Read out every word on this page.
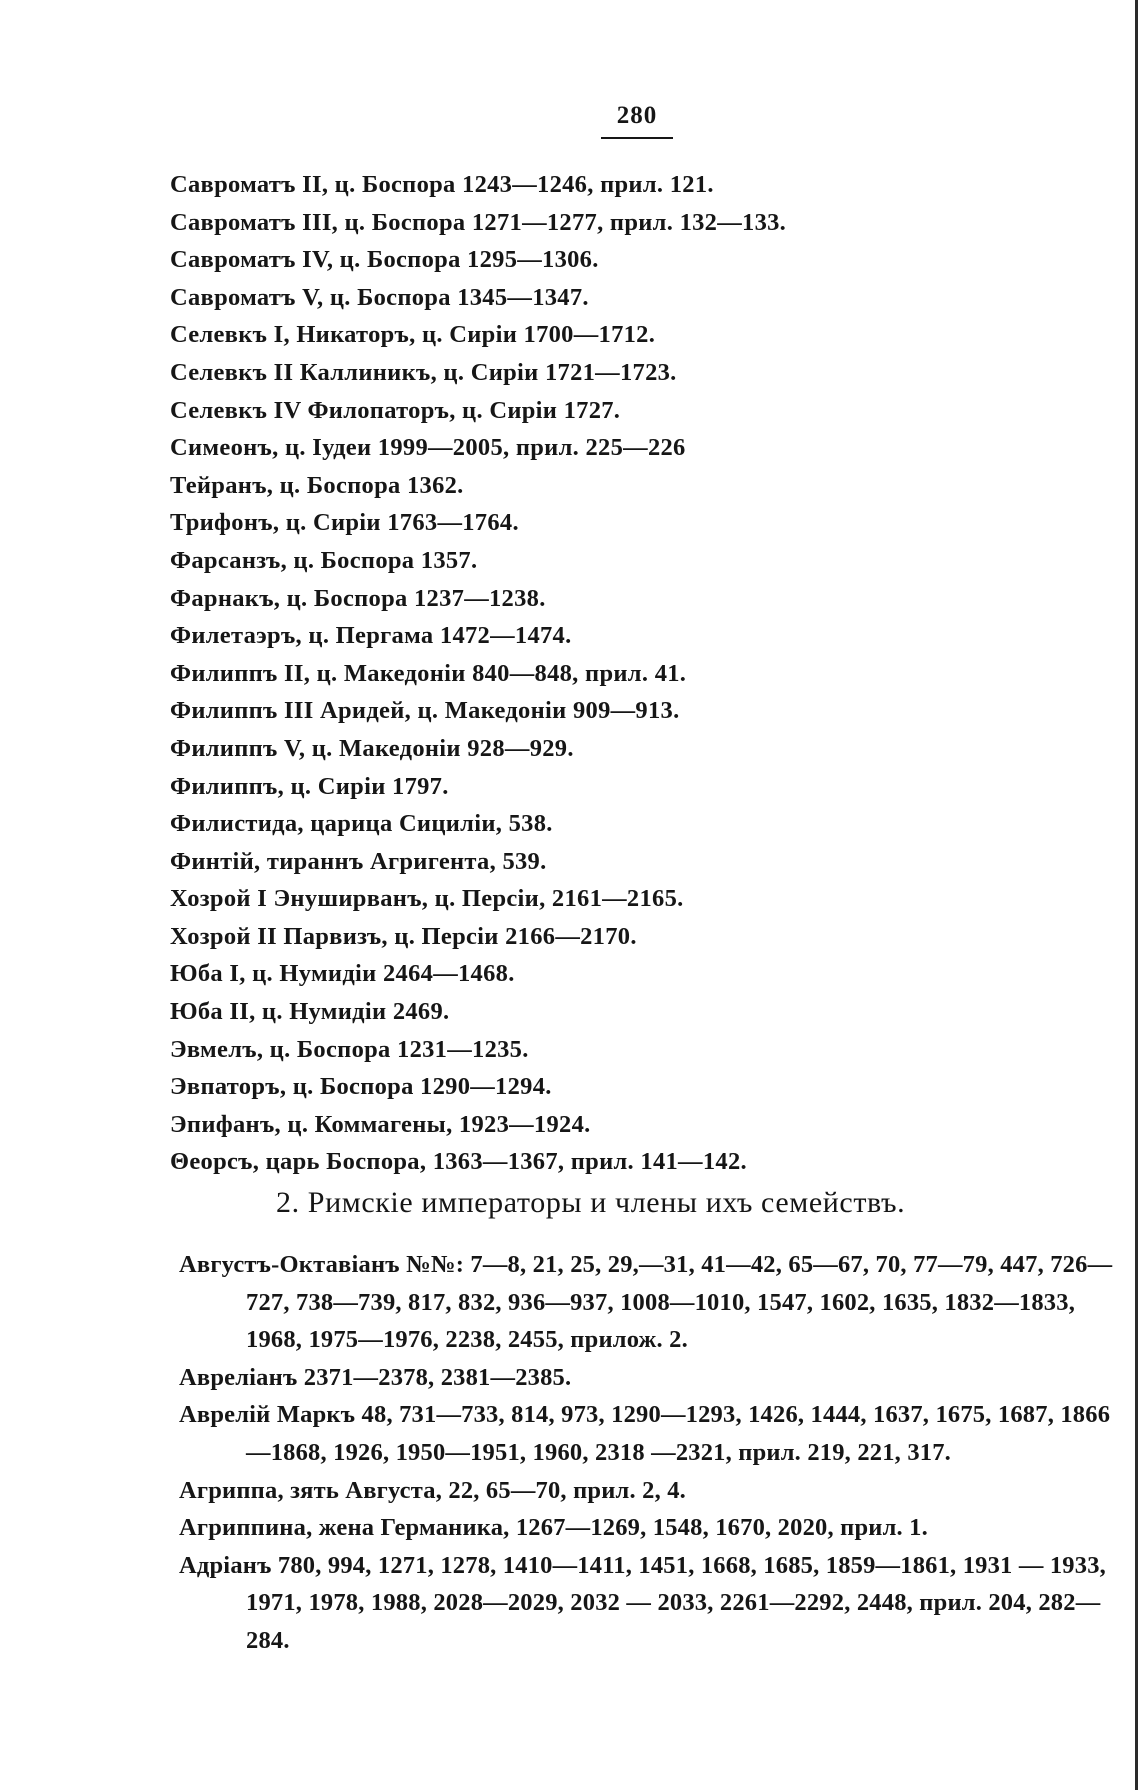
280
Савроматъ II, ц. Боспора 1243—1246, прил. 121.
Савроматъ III, ц. Боспора 1271—1277, прил. 132—133.
Савроматъ IV, ц. Боспора 1295—1306.
Савроматъ V, ц. Боспора 1345—1347.
Селевкъ I, Никаторъ, ц. Сиріи 1700—1712.
Селевкъ II Каллиникъ, ц. Сиріи 1721—1723.
Селевкъ IV Филопаторъ, ц. Сиріи 1727.
Симеонъ, ц. Іудеи 1999—2005, прил. 225—226
Тейранъ, ц. Боспора 1362.
Трифонъ, ц. Сиріи 1763—1764.
Фарсанзъ, ц. Боспора 1357.
Фарнакъ, ц. Боспора 1237—1238.
Филетаэръ, ц. Пергама 1472—1474.
Филиппъ II, ц. Македоніи 840—848, прил. 41.
Филиппъ III Аридей, ц. Македоніи 909—913.
Филиппъ V, ц. Македоніи 928—929.
Филиппъ, ц. Сиріи 1797.
Филистида, царица Сициліи, 538.
Финтій, тираннъ Агригента, 539.
Хозрой I Энуширванъ, ц. Персіи, 2161—2165.
Хозрой II Парвизъ, ц. Персіи 2166—2170.
Юба I, ц. Нумидіи 2464—1468.
Юба II, ц. Нумидіи 2469.
Эвмелъ, ц. Боспора 1231—1235.
Эвпаторъ, ц. Боспора 1290—1294.
Эпифанъ, ц. Коммагены, 1923—1924.
Θеорсъ, царь Боспора, 1363—1367, прил. 141—142.
2. Римскіе императоры и члены ихъ семействъ.
Августъ-Октавіанъ №№: 7—8, 21, 25, 29,—31, 41—42, 65—67, 70, 77—79, 447, 726—727, 738—739, 817, 832, 936—937, 1008—1010, 1547, 1602, 1635, 1832—1833, 1968, 1975—1976, 2238, 2455, прилож. 2.
Авреліанъ 2371—2378, 2381—2385.
Аврелій Маркъ 48, 731—733, 814, 973, 1290—1293, 1426, 1444, 1637, 1675, 1687, 1866—1868, 1926, 1950—1951, 1960, 2318 —2321, прил. 219, 221, 317.
Агриппа, зять Августа, 22, 65—70, прил. 2, 4.
Агриппина, жена Германика, 1267—1269, 1548, 1670, 2020, прил. 1.
Адріанъ 780, 994, 1271, 1278, 1410—1411, 1451, 1668, 1685, 1859—1861, 1931 — 1933, 1971, 1978, 1988, 2028—2029, 2032 — 2033, 2261—2292, 2448, прил. 204, 282—284.
